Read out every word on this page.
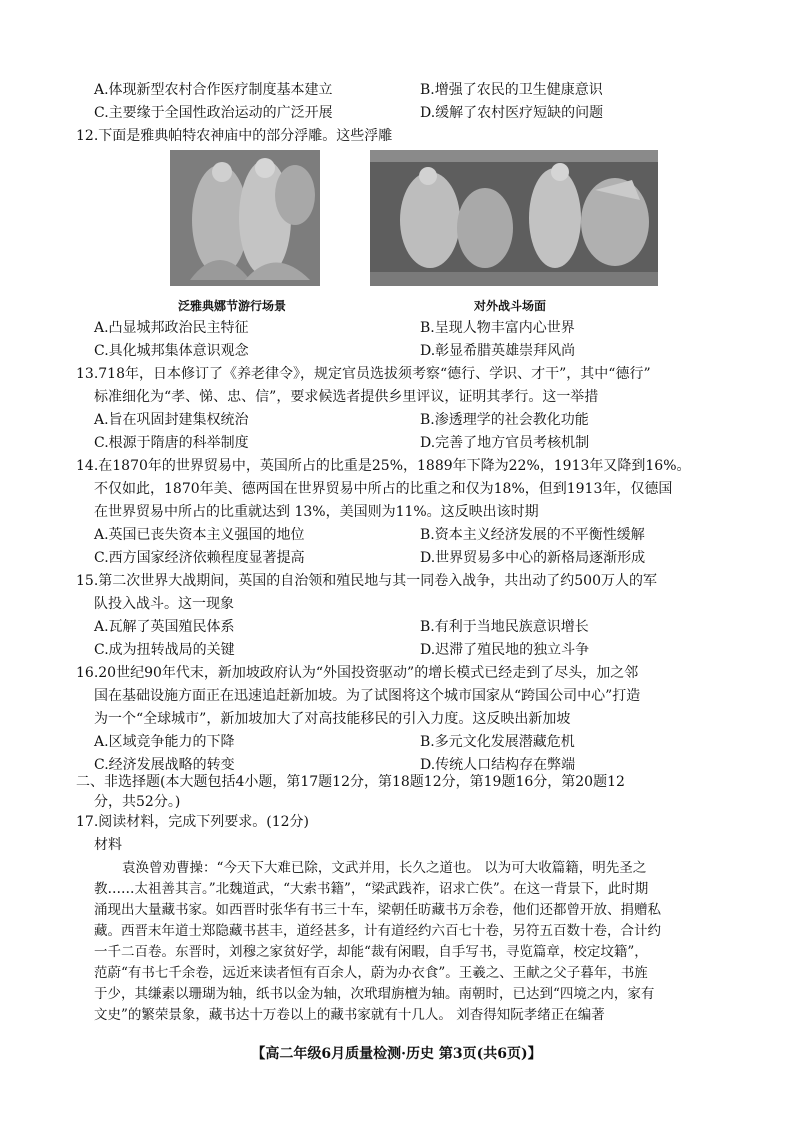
A.体现新型农村合作医疗制度基本建立	B.增强了农民的卫生健康意识
C.主要缘于全国性政治运动的广泛开展	D.缓解了农村医疗短缺的问题
12.下面是雅典帕特农神庙中的部分浮雕。这些浮雕
泛雅典娜节游行场景	对外战斗场面
A.凸显城邦政治民主特征	B.呈现人物丰富内心世界
C.具化城邦集体意识观念	D.彰显希腊英雄崇拜风尚
13.718年，日本修订了《养老律令》，规定官员选拔须考察“德行、学识、才干”，其中“德行”
标准细化为“孝、悌、忠、信”，要求候选者提供乡里评议，证明其孝行。这一举措
A.旨在巩固封建集权统治	B.渗透理学的社会教化功能
C.根源于隋唐的科举制度	D.完善了地方官员考核机制
14.在1870年的世界贸易中，英国所占的比重是25%，1889年下降为22%，1913年又降到16%。
不仅如此，1870年美、德两国在世界贸易中所占的比重之和仅为18%，但到1913年，仅德国
在世界贸易中所占的比重就达到 13%，美国则为11%。这反映出该时期
A.英国已丧失资本主义强国的地位	B.资本主义经济发展的不平衡性缓解
C.西方国家经济依赖程度显著提高	D.世界贸易多中心的新格局逐渐形成
15.第二次世界大战期间，英国的自治领和殖民地与其一同卷入战争，共出动了约500万人的军
队投入战斗。这一现象
A.瓦解了英国殖民体系	B.有利于当地民族意识增长
C.成为扭转战局的关键	D.迟滞了殖民地的独立斗争
16.20世纪90年代末，新加坡政府认为“外国投资驱动”的增长模式已经走到了尽头，加之邻
国在基础设施方面正在迅速追赶新加坡。为了试图将这个城市国家从“跨国公司中心”打造
为一个“全球城市”，新加坡加大了对高技能移民的引入力度。这反映出新加坡
A.区域竞争能力的下降	B.多元文化发展潜藏危机
C.经济发展战略的转变	D.传统人口结构存在弊端
二、非选择题(本大题包括4小题，第17题12分，第18题12分，第19题16分，第20题12
分，共52分。)
17.阅读材料，完成下列要求。(12分)
材料
袁涣曾劝曹操：“今天下大难已除，文武并用，长久之道也。 以为可大收篇籍，明先圣之
教……太祖善其言。”北魏道武，“大索书籍”，“梁武践祚，诏求亡佚”。在这一背景下，此时期
涌现出大量藏书家。如西晋时张华有书三十车，梁朝任昉藏书万余卷，他们还都曾开放、捐赠私
藏。西晋末年道士郑隐藏书甚丰，道经甚多，计有道经约六百七十卷，另符五百数十卷，合计约
一千二百卷。东晋时，刘穆之家贫好学，却能“裁有闲暇，自手写书，寻览篇章，校定坟籍”，
范蔚“有书七千余卷，远近来读者恒有百余人，蔚为办衣食”。王羲之、王献之父子暮年，书旌
于少，其缣素以珊瑚为轴，纸书以金为轴，次玳瑁旃檀为轴。南朝时，已达到“四境之内，家有
文史”的繁荣景象，藏书达十万卷以上的藏书家就有十几人。 刘杳得知阮孝绪正在编著
【高二年级6月质量检测·历史 第3页(共6页)】
